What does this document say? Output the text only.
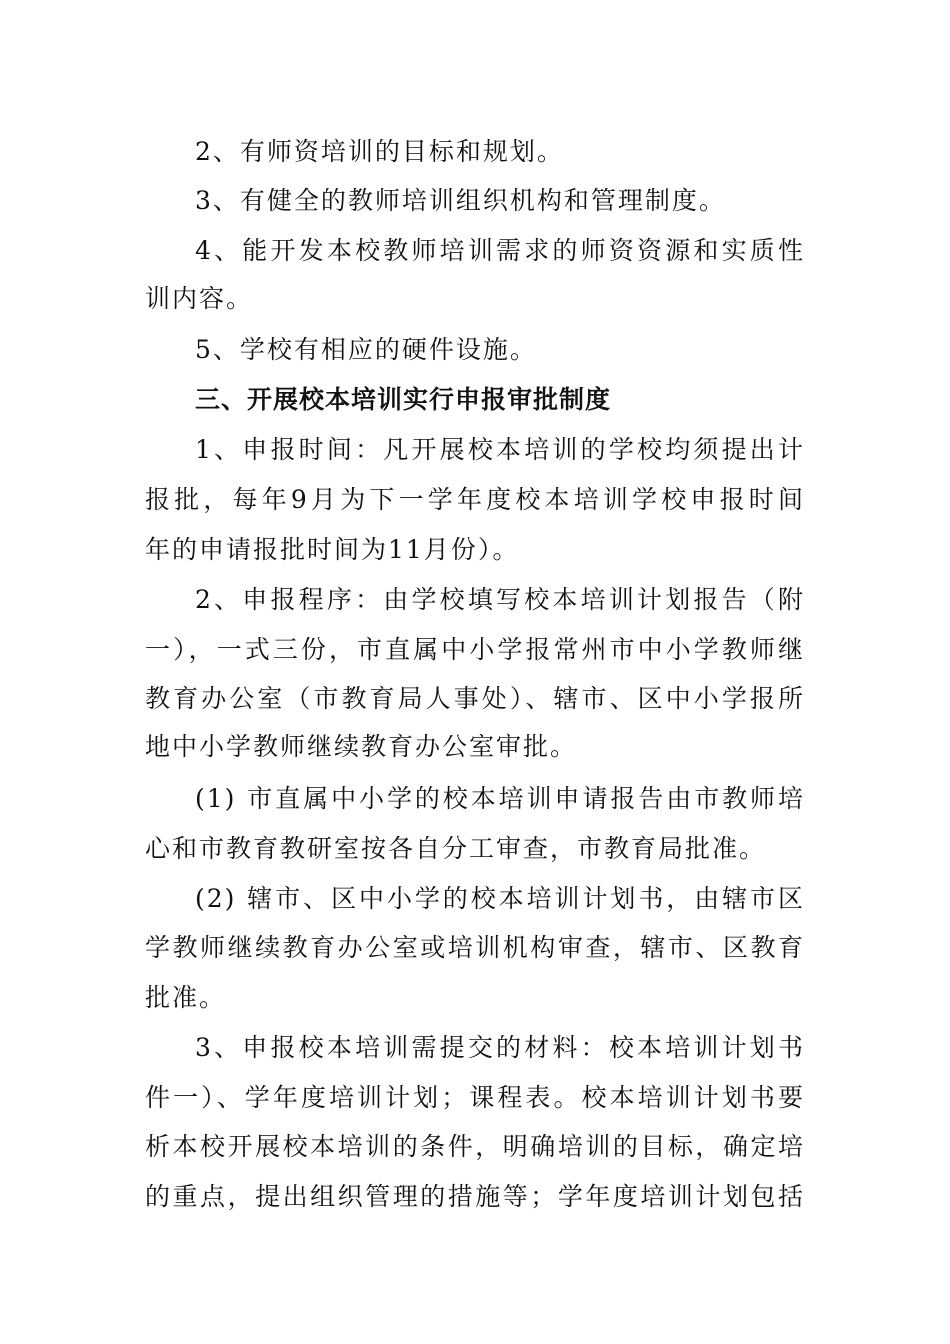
2、有师资培训的目标和规划。

3、有健全的教师培训组织机构和管理制度。

4、能开发本校教师培训需求的师资资源和实质性

训内容。

5、学校有相应的硬件设施。

三、开展校本培训实行申报审批制度

1、申报时间：凡开展校本培训的学校均须提出计

报批，每年9月为下一学年度校本培训学校申报时间

年的申请报批时间为11月份）。

2、申报程序：由学校填写校本培训计划报告（附

一），一式三份，市直属中小学报常州市中小学教师继

教育办公室（市教育局人事处）、辖市、区中小学报所

地中小学教师继续教育办公室审批。

(1) 市直属中小学的校本培训申请报告由市教师培

心和市教育教研室按各自分工审查，市教育局批准。

(2) 辖市、区中小学的校本培训计划书，由辖市区

学教师继续教育办公室或培训机构审查，辖市、区教育

批准。

3、申报校本培训需提交的材料：校本培训计划书

件一）、学年度培训计划；课程表。校本培训计划书要

析本校开展校本培训的条件，明确培训的目标，确定培

的重点，提出组织管理的措施等；学年度培训计划包括
